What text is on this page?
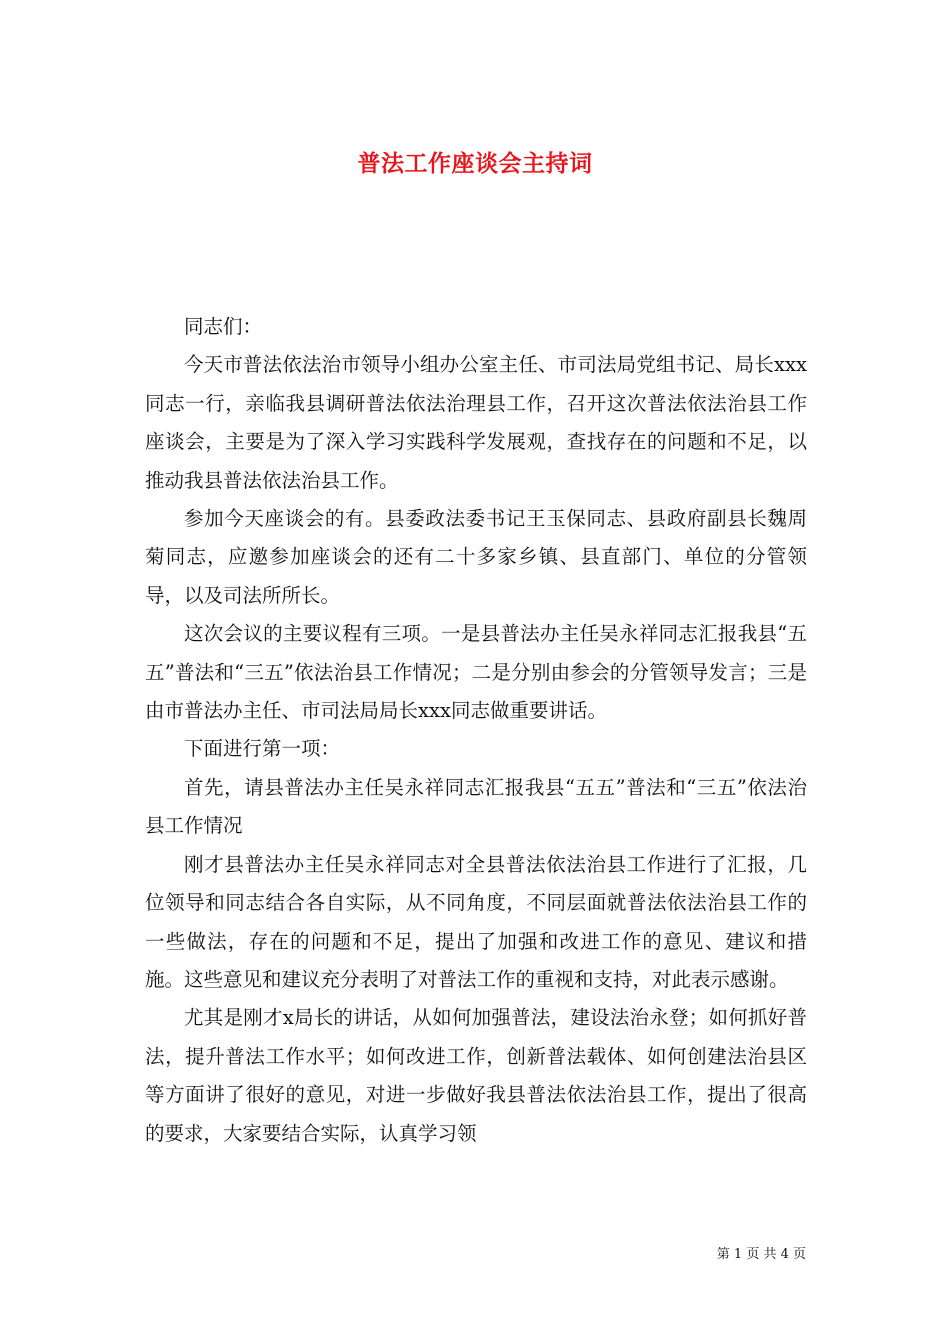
普法工作座谈会主持词

同志们：

今天市普法依法治市领导小组办公室主任、市司法局党组书记、局长xxx同志一行，亲临我县调研普法依法治理县工作，召开这次普法依法治县工作座谈会，主要是为了深入学习实践科学发展观，查找存在的问题和不足，以推动我县普法依法治县工作。

参加今天座谈会的有。县委政法委书记王玉保同志、县政府副县长魏周菊同志，应邀参加座谈会的还有二十多家乡镇、县直部门、单位的分管领导，以及司法所所长。

这次会议的主要议程有三项。一是县普法办主任吴永祥同志汇报我县“五五”普法和“三五”依法治县工作情况；二是分别由参会的分管领导发言；三是由市普法办主任、市司法局局长xxx同志做重要讲话。

下面进行第一项：

首先，请县普法办主任吴永祥同志汇报我县“五五”普法和“三五”依法治县工作情况

刚才县普法办主任吴永祥同志对全县普法依法治县工作进行了汇报，几位领导和同志结合各自实际，从不同角度，不同层面就普法依法治县工作的一些做法，存在的问题和不足，提出了加强和改进工作的意见、建议和措施。这些意见和建议充分表明了对普法工作的重视和支持，对此表示感谢。

尤其是刚才x局长的讲话，从如何加强普法，建设法治永登；如何抓好普法，提升普法工作水平；如何改进工作，创新普法载体、如何创建法治县区等方面讲了很好的意见，对进一步做好我县普法依法治县工作，提出了很高的要求，大家要结合实际，认真学习领

第 1 页 共 4 页
